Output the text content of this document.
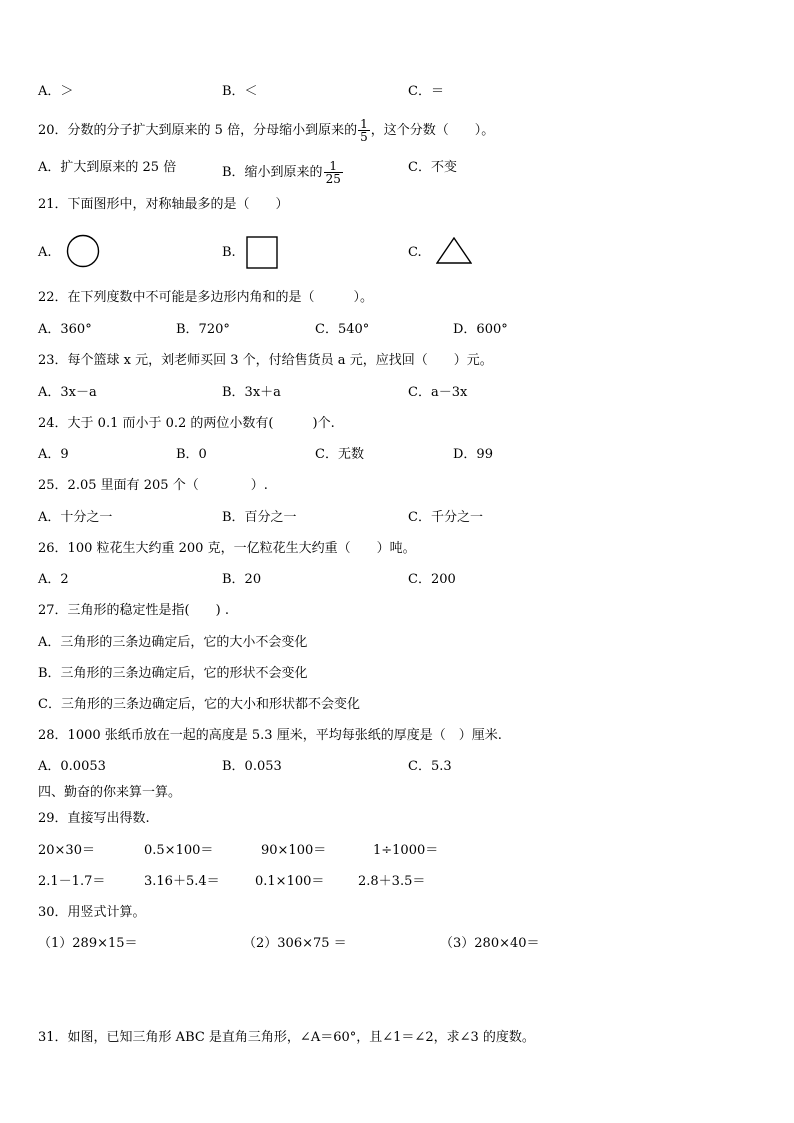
A．＞	B．＜	C．＝
20．分数的分子扩大到原来的 5 倍，分母缩小到原来的 $\frac{1}{5}$ ，这个分数（　　）。
A．扩大到原来的 25 倍	B．缩小到原来的 $\frac{1}{25}$	C．不变
21．下面图形中，对称轴最多的是（　　）
A.	B.	C.
22．在下列度数中不可能是多边形内角和的是（　　　）。
A．360°	B．720°	C．540°	D．600°
23．每个篮球 x 元，刘老师买回 3 个，付给售货员 a 元，应找回（　　）元。
A．3x－a	B．3x＋a	C．a－3x
24．大于 0.1 而小于 0.2 的两位小数有(　　　)个.
A．9	B．0	C．无数	D．99
25．2.05 里面有 205 个（　　　　）.
A．十分之一	B．百分之一	C．千分之一
26．100 粒花生大约重 200 克，一亿粒花生大约重（　　）吨。
A．2	B．20	C．200
27．三角形的稳定性是指(　　) .
A．三角形的三条边确定后，它的大小不会变化
B．三角形的三条边确定后，它的形状不会变化
C．三角形的三条边确定后，它的大小和形状都不会变化
28．1000 张纸币放在一起的高度是 5.3 厘米，平均每张纸的厚度是（　）厘米.
A．0.0053	B．0.053	C．5.3
四、勤奋的你来算一算。
29．直接写出得数.
20×30＝	0.5×100＝	90×100＝	1÷1000＝
2.1－1.7＝	3.16＋5.4＝	0.1×100＝	2.8＋3.5＝
30．用竖式计算。
（1）289×15＝	（2）306×75 ＝	（3）280×40＝
31．如图，已知三角形 ABC 是直角三角形，∠A＝60°，且∠1＝∠2，求∠3 的度数。
